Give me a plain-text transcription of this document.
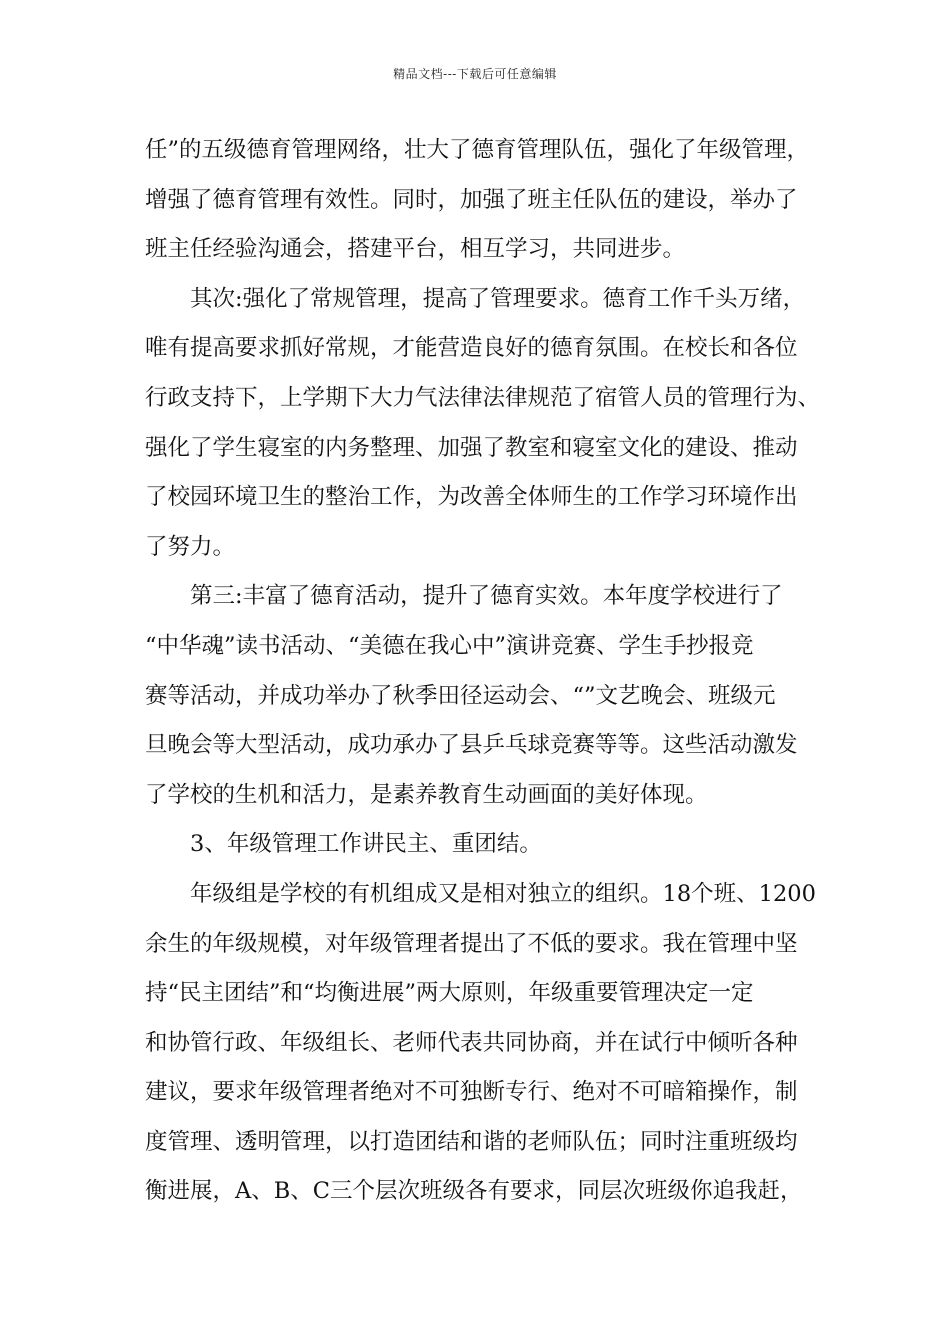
精品文档---下载后可任意编辑
任”的五级德育管理网络，壮大了德育管理队伍，强化了年级管理，
增强了德育管理有效性。同时，加强了班主任队伍的建设，举办了
班主任经验沟通会，搭建平台，相互学习，共同进步。
其次:强化了常规管理，提高了管理要求。德育工作千头万绪，
唯有提高要求抓好常规，才能营造良好的德育氛围。在校长和各位
行政支持下，上学期下大力气法律法律规范了宿管人员的管理行为、
强化了学生寝室的内务整理、加强了教室和寝室文化的建设、推动
了校园环境卫生的整治工作，为改善全体师生的工作学习环境作出
了努力。
第三:丰富了德育活动，提升了德育实效。本年度学校进行了
“中华魂”读书活动、“美德在我心中”演讲竞赛、学生手抄报竞
赛等活动，并成功举办了秋季田径运动会、“”文艺晚会、班级元
旦晚会等大型活动，成功承办了县乒乓球竞赛等等。这些活动激发
了学校的生机和活力，是素养教育生动画面的美好体现。
3、年级管理工作讲民主、重团结。
年级组是学校的有机组成又是相对独立的组织。18个班、1200
余生的年级规模，对年级管理者提出了不低的要求。我在管理中坚
持“民主团结”和“均衡进展”两大原则，年级重要管理决定一定
和协管行政、年级组长、老师代表共同协商，并在试行中倾听各种
建议，要求年级管理者绝对不可独断专行、绝对不可暗箱操作，制
度管理、透明管理，以打造团结和谐的老师队伍；同时注重班级均
衡进展，A、B、C三个层次班级各有要求，同层次班级你追我赶，
